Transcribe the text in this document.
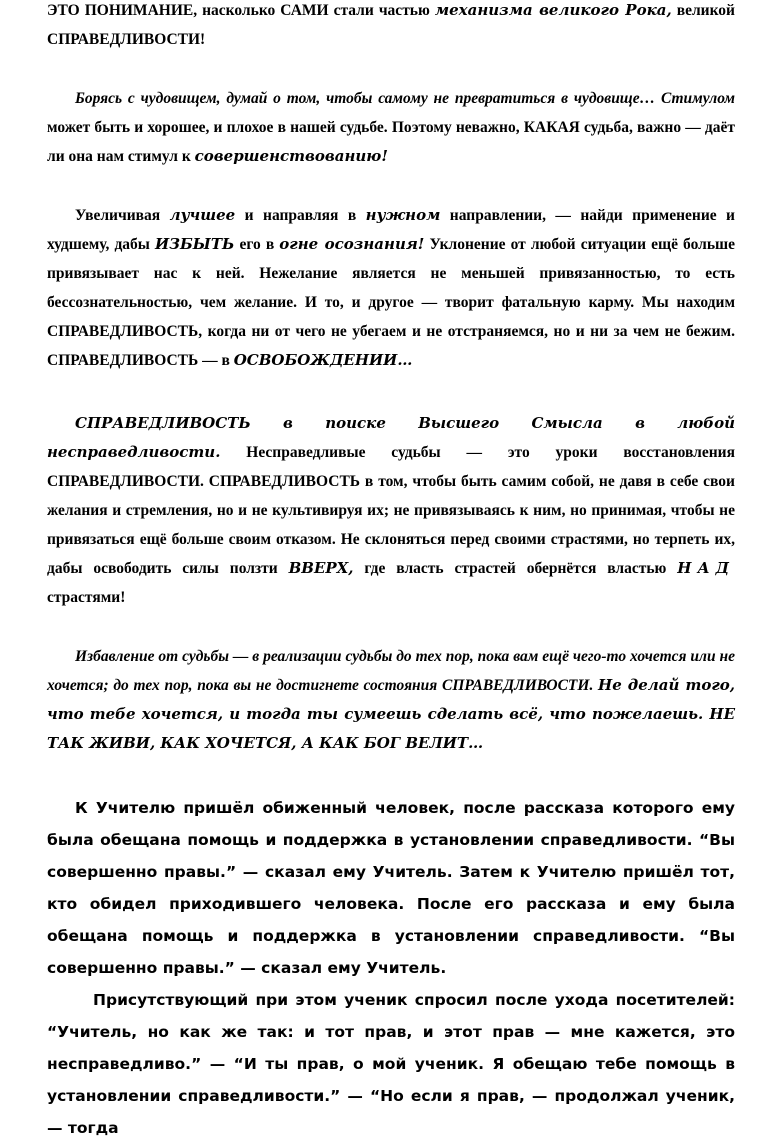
ЭТО ПОНИМАНИЕ, насколько САМИ стали частью механизма великого Рока, великой СПРАВЕДЛИВОСТИ!

Борясь с чудовищем, думай о том, чтобы самому не превратиться в чудовище… Стимулом может быть и хорошее, и плохое в нашей судьбе. Поэтому неважно, КАКАЯ судьба, важно — даёт ли она нам стимул к совершенствованию!

Увеличивая лучшее и направляя в нужном направлении, — найди применение и худшему, дабы ИЗБЫТЬ его в огне осознания! Уклонение от любой ситуации ещё больше привязывает нас к ней. Нежелание является не меньшей привязанностью, то есть бессознательностью, чем желание. И то, и другое — творит фатальную карму. Мы находим СПРАВЕДЛИВОСТЬ, когда ни от чего не убегаем и не отстраняемся, но и ни за чем не бежим. СПРАВЕДЛИВОСТЬ — в ОСВОБОЖДЕНИИ…

СПРАВЕДЛИВОСТЬ в поиске Высшего Смысла в любой несправедливости. Несправедливые судьбы — это уроки восстановления СПРАВЕДЛИВОСТИ. СПРАВЕДЛИВОСТЬ в том, чтобы быть самим собой, не давя в себе свои желания и стремления, но и не культивируя их; не привязываясь к ним, но принимая, чтобы не привязаться ещё больше своим отказом. Не склоняться перед своими страстями, но терпеть их, дабы освободить силы ползти ВВЕРХ, где власть страстей обернётся властью НАД страстями!

Избавление от судьбы — в реализации судьбы до тех пор, пока вам ещё чего-то хочется или не хочется; до тех пор, пока вы не достигнете состояния СПРАВЕДЛИВОСТИ. Не делай того, что тебе хочется, и тогда ты сумеешь сделать всё, что пожелаешь. НЕ ТАК ЖИВИ, КАК ХОЧЕТСЯ, А КАК БОГ ВЕЛИТ…

К Учителю пришёл обиженный человек, после рассказа которого ему была обещана помощь и поддержка в установлении справедливости. “Вы совершенно правы.” — сказал ему Учитель. Затем к Учителю пришёл тот, кто обидел приходившего человека. После его рассказа и ему была обещана помощь и поддержка в установлении справедливости. “Вы совершенно правы.” — сказал ему Учитель.

Присутствующий при этом ученик спросил после ухода посетителей: “Учитель, но как же так: и тот прав, и этот прав — мне кажется, это несправедливо.” — “И ты прав, о мой ученик. Я обещаю тебе помощь в установлении справедливости.” — “Но если я прав, — продолжал ученик, — тогда
